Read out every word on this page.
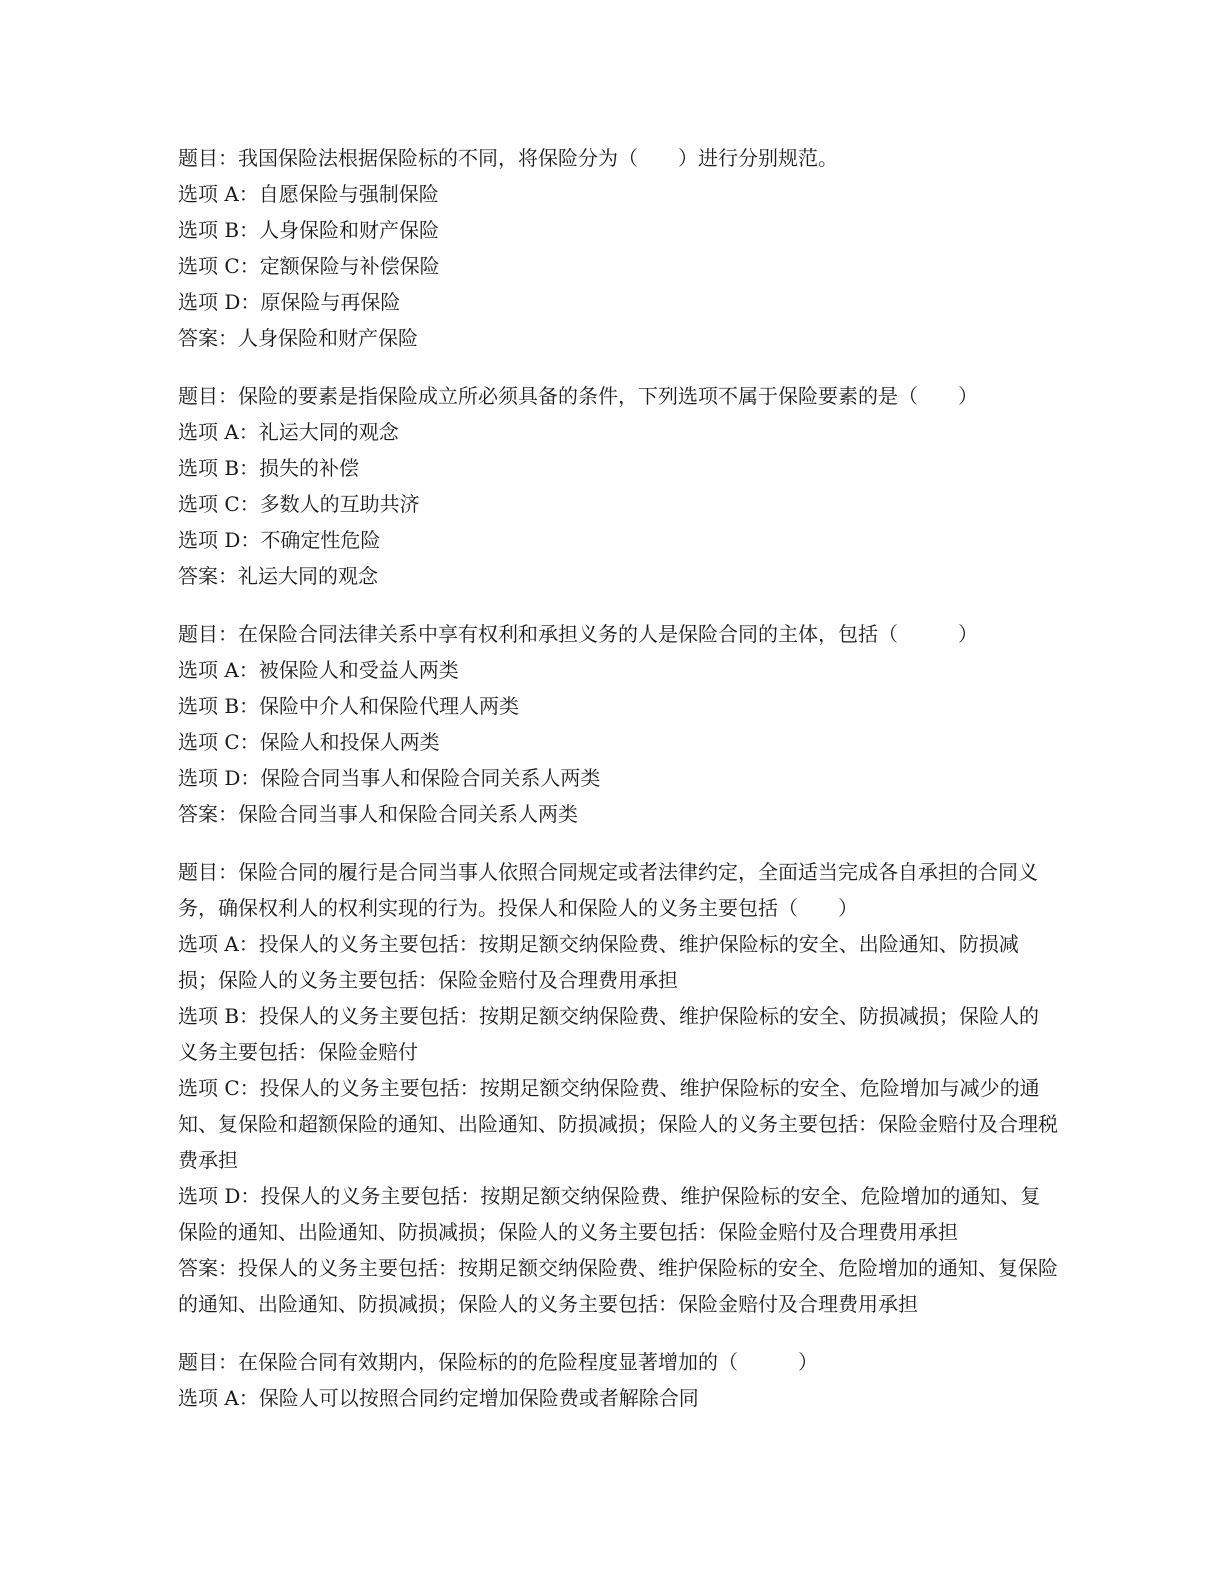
题目：我国保险法根据保险标的不同，将保险分为（　　）进行分别规范。

选项 A：自愿保险与强制保险

选项 B：人身保险和财产保险

选项 C：定额保险与补偿保险

选项 D：原保险与再保险

答案：人身保险和财产保险

题目：保险的要素是指保险成立所必须具备的条件，下列选项不属于保险要素的是（　　）

选项 A：礼运大同的观念

选项 B：损失的补偿

选项 C：多数人的互助共济

选项 D：不确定性危险

答案：礼运大同的观念

题目：在保险合同法律关系中享有权利和承担义务的人是保险合同的主体，包括（　　　）

选项 A：被保险人和受益人两类

选项 B：保险中介人和保险代理人两类

选项 C：保险人和投保人两类

选项 D：保险合同当事人和保险合同关系人两类

答案：保险合同当事人和保险合同关系人两类

题目：保险合同的履行是合同当事人依照合同规定或者法律约定，全面适当完成各自承担的合同义务，确保权利人的权利实现的行为。投保人和保险人的义务主要包括（　　）

选项 A：投保人的义务主要包括：按期足额交纳保险费、维护保险标的安全、出险通知、防损减损；保险人的义务主要包括：保险金赔付及合理费用承担

选项 B：投保人的义务主要包括：按期足额交纳保险费、维护保险标的安全、防损减损；保险人的义务主要包括：保险金赔付

选项 C：投保人的义务主要包括：按期足额交纳保险费、维护保险标的安全、危险增加与减少的通知、复保险和超额保险的通知、出险通知、防损减损；保险人的义务主要包括：保险金赔付及合理税费承担

选项 D：投保人的义务主要包括：按期足额交纳保险费、维护保险标的安全、危险增加的通知、复保险的通知、出险通知、防损减损；保险人的义务主要包括：保险金赔付及合理费用承担

答案：投保人的义务主要包括：按期足额交纳保险费、维护保险标的安全、危险增加的通知、复保险的通知、出险通知、防损减损；保险人的义务主要包括：保险金赔付及合理费用承担

题目：在保险合同有效期内，保险标的的危险程度显著增加的（　　　）

选项 A：保险人可以按照合同约定增加保险费或者解除合同
